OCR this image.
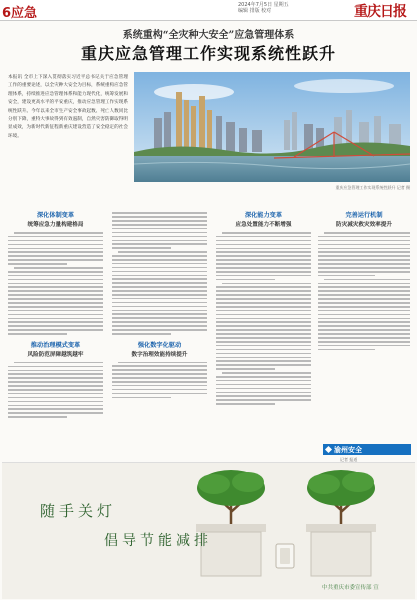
6应急
2024年7月5日 星期五
编辑 排版 校对	重庆日报
系统重构“全灾种大安全”应急管理体系
重庆应急管理工作实现系统性跃升
本报讯 全市上下深入贯彻落实习近平总书记关于应急管理工作的重要论述，以全灾种大安全为目标，系统重构应急管理体系，持续推进应急管理体系和能力现代化，统筹发展和安全，建设更高水平的平安重庆，推动应急管理工作实现系统性跃升。今年以来全市生产安全事故起数、死亡人数同比分别下降，重特大事故得到有效遏制，自然灾害防御取得明显成效，为新时代新征程新重庆建设营造了安全稳定的社会环境。
重庆应急管理工作实现系统性跃升 记者 摄
深化体制变革
统筹应急力量构建格局
推动治理模式变革
风险防范屏障越筑越牢
强化数字化驱动
数字治理效能持续提升
深化能力变革
应急处置能力不断增强
完善运行机制
防灾减灾救灾效率提升
渝州安全
记者 报道
随手关灯
倡导节能减排
中共重庆市委宣传部 宣
